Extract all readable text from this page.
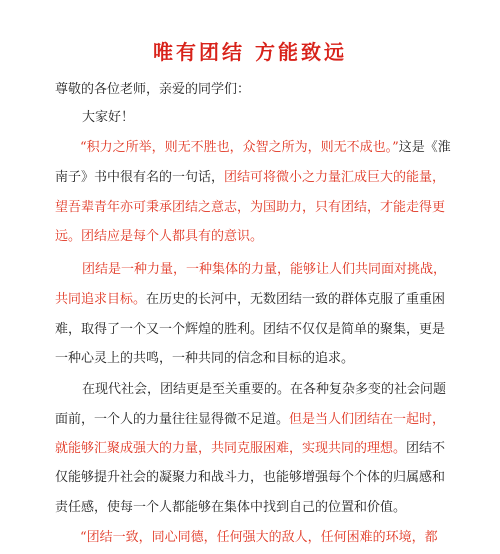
唯有团结 方能致远
尊敬的各位老师，亲爱的同学们：
大家好！
“积力之所举，则无不胜也，众智之所为，则无不成也。”这是《淮
南子》书中很有名的一句话，团结可将微小之力量汇成巨大的能量，
望吾辈青年亦可秉承团结之意志，为国助力，只有团结，才能走得更
远。团结应是每个人都具有的意识。
团结是一种力量，一种集体的力量，能够让人们共同面对挑战，
共同追求目标。在历史的长河中，无数团结一致的群体克服了重重困
难，取得了一个又一个辉煌的胜利。团结不仅仅是简单的聚集，更是
一种心灵上的共鸣，一种共同的信念和目标的追求。
在现代社会，团结更是至关重要的。在各种复杂多变的社会问题
面前，一个人的力量往往显得微不足道。但是当人们团结在一起时，
就能够汇聚成强大的力量，共同克服困难，实现共同的理想。团结不
仅能够提升社会的凝聚力和战斗力，也能够增强每个个体的归属感和
责任感，使每一个人都能够在集体中找到自己的位置和价值。
“团结一致，同心同德，任何强大的敌人，任何困难的环境，都
